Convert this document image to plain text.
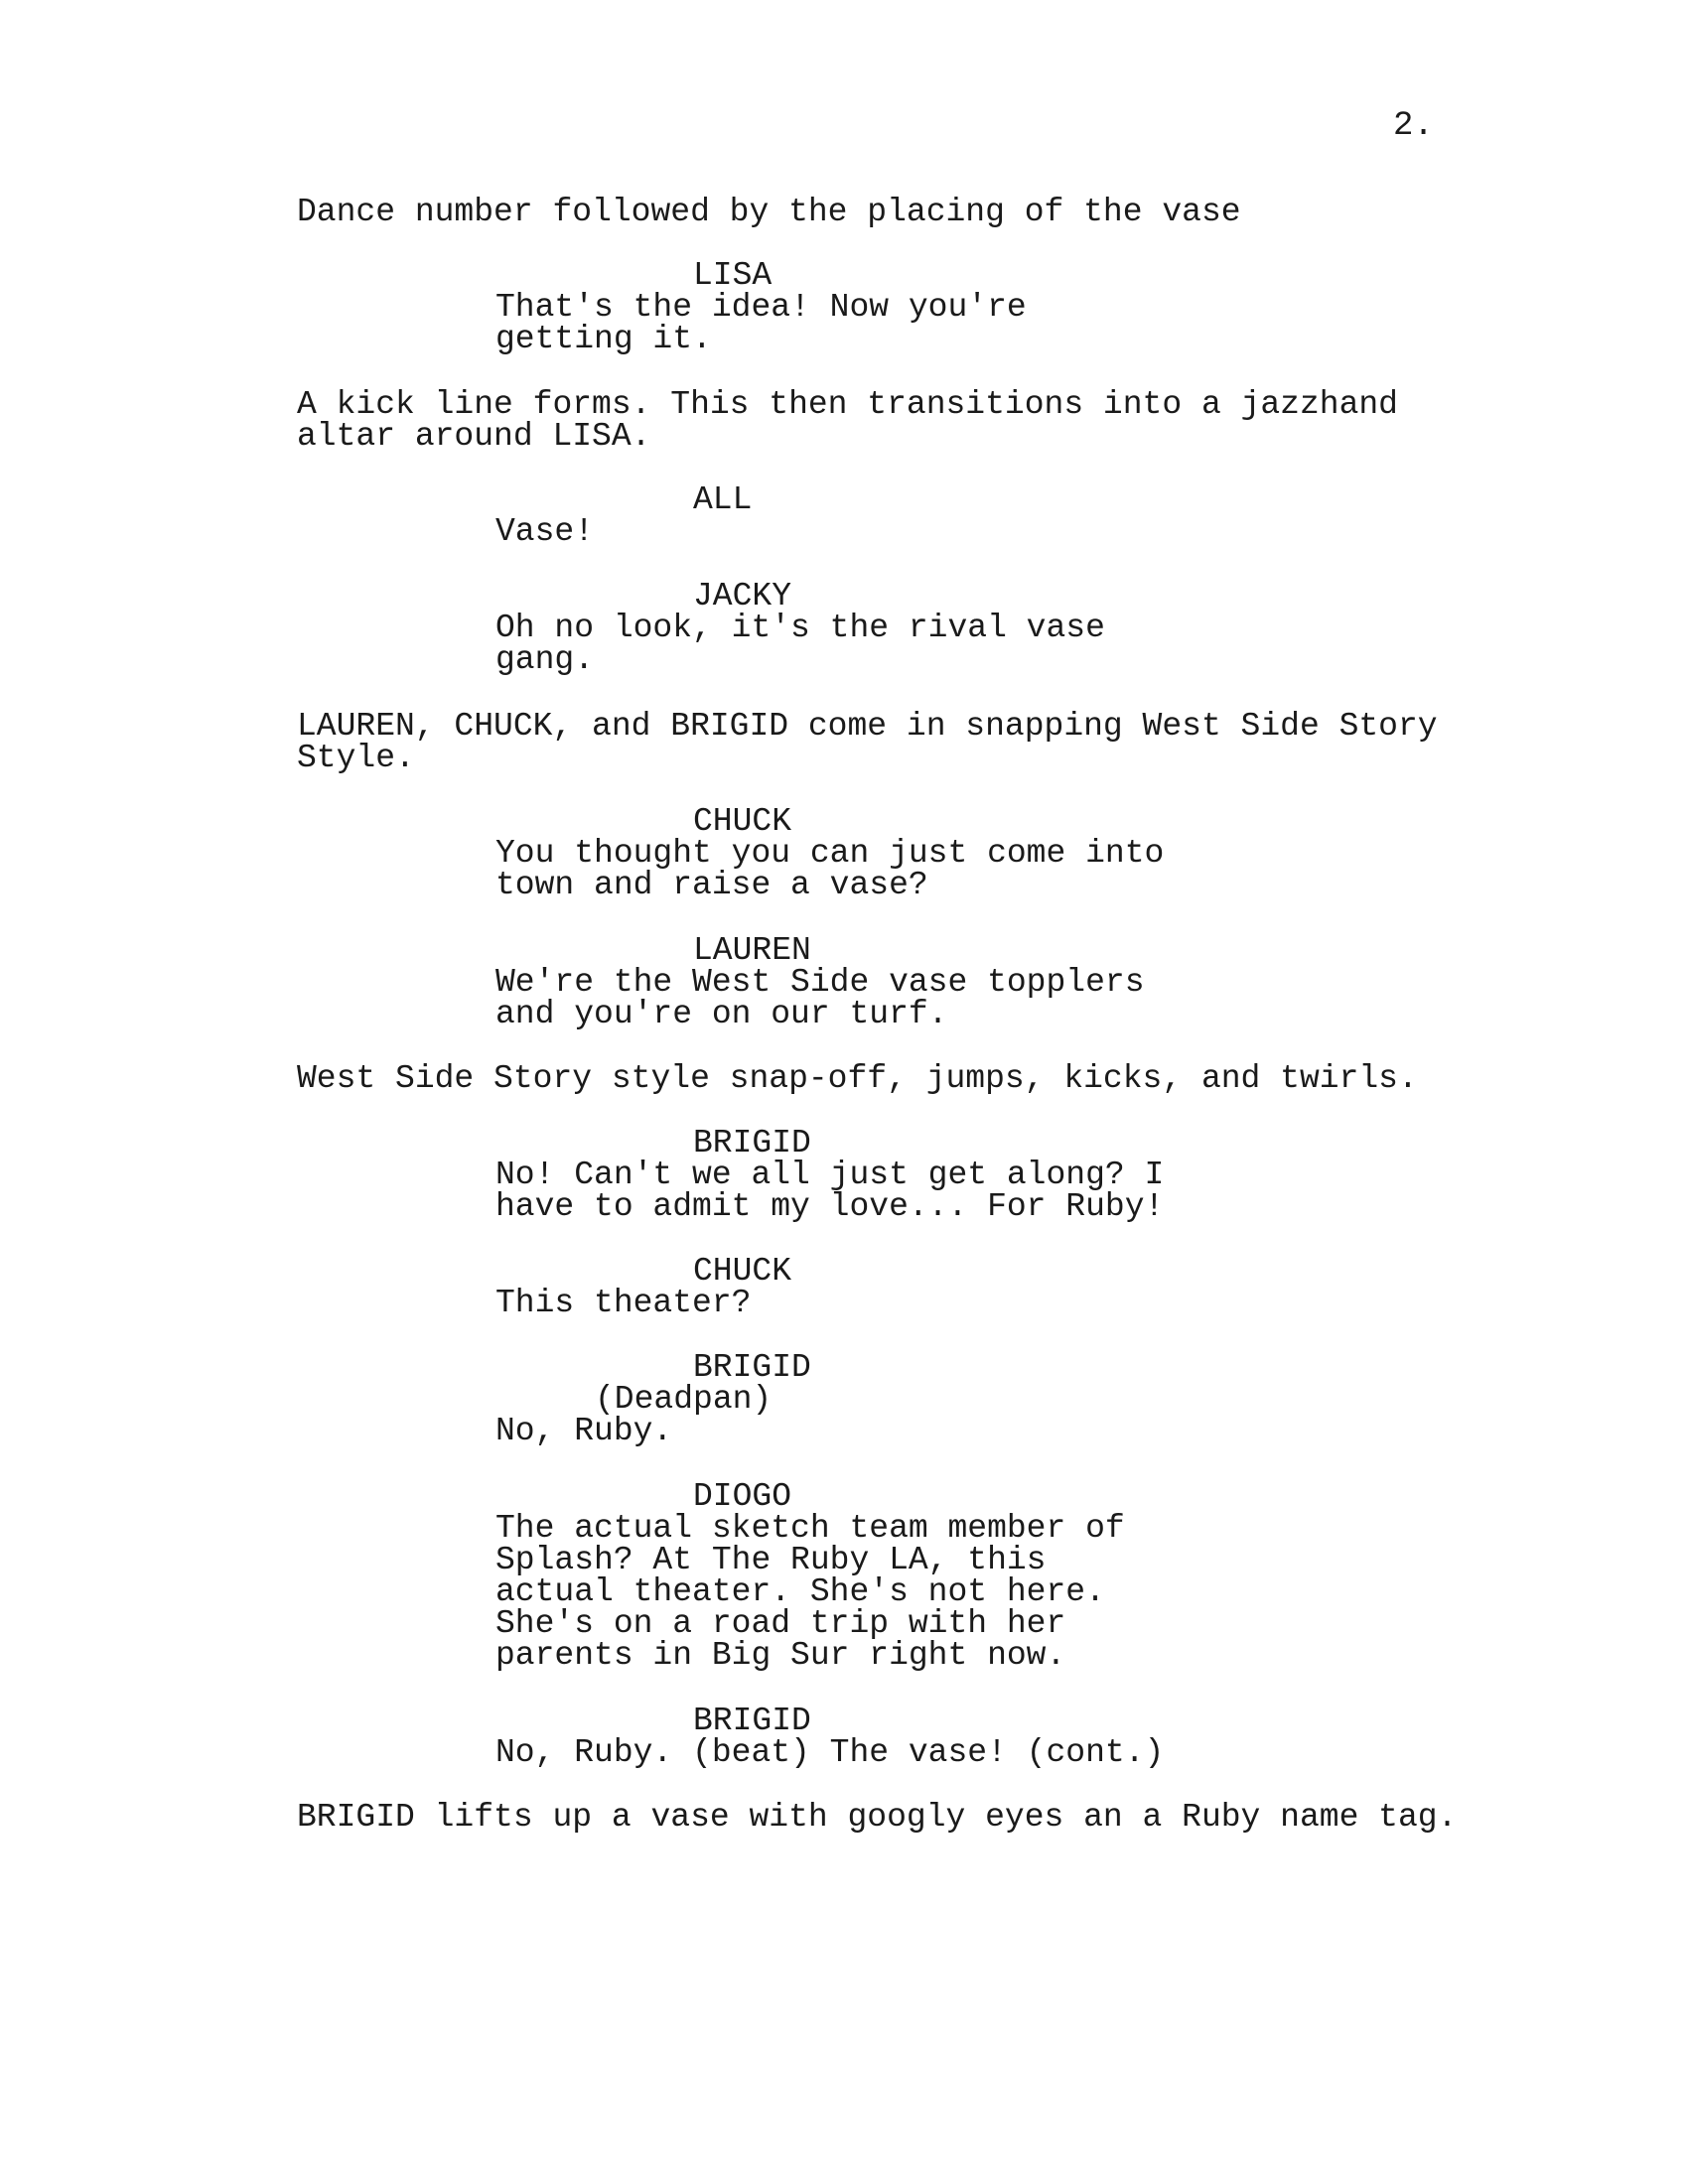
2.
Dance number followed by the placing of the vase
LISA
That's the idea! Now you're
getting it.
A kick line forms. This then transitions into a jazzhand
altar around LISA.
ALL
Vase!
JACKY
Oh no look, it's the rival vase
gang.
LAUREN, CHUCK, and BRIGID come in snapping West Side Story
Style.
CHUCK
You thought you can just come into
town and raise a vase?
LAUREN
We're the West Side vase topplers
and you're on our turf.
West Side Story style snap-off, jumps, kicks, and twirls.
BRIGID
No! Can't we all just get along? I
have to admit my love... For Ruby!
CHUCK
This theater?
BRIGID
(Deadpan)
No, Ruby.
DIOGO
The actual sketch team member of
Splash? At The Ruby LA, this
actual theater. She's not here.
She's on a road trip with her
parents in Big Sur right now.
BRIGID
No, Ruby. (beat) The vase! (cont.)
BRIGID lifts up a vase with googly eyes an a Ruby name tag.
